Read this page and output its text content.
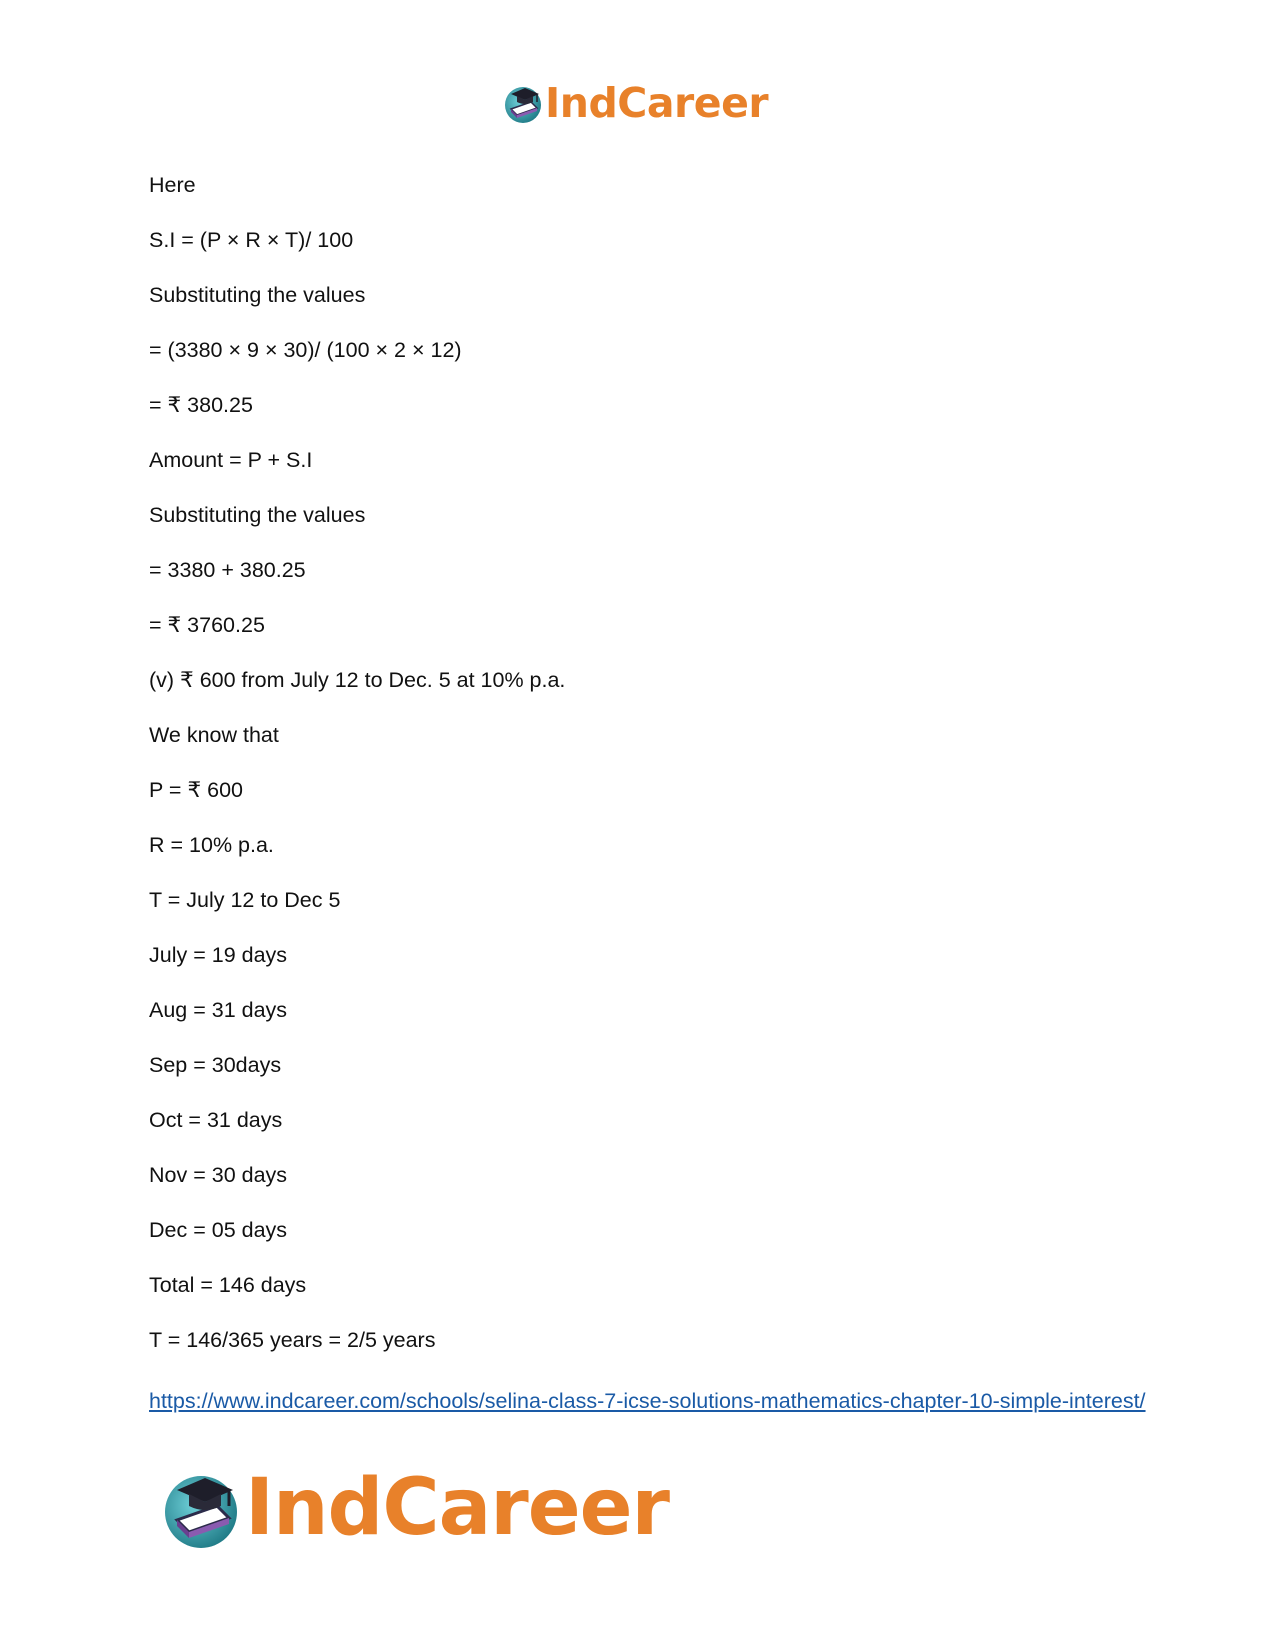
IndCareer
Here
S.I = (P × R × T)/ 100
Substituting the values
= (3380 × 9 × 30)/ (100 × 2 × 12)
= ₹ 380.25
Amount = P + S.I
Substituting the values
= 3380 + 380.25
= ₹ 3760.25
(v) ₹ 600 from July 12 to Dec. 5 at 10% p.a.
We know that
P = ₹ 600
R = 10% p.a.
T = July 12 to Dec 5
July = 19 days
Aug = 31 days
Sep = 30days
Oct = 31 days
Nov = 30 days
Dec = 05 days
Total = 146 days
T = 146/365 years = 2/5 years
https://www.indcareer.com/schools/selina-class-7-icse-solutions-mathematics-chapter-10-simple-interest/
IndCareer
